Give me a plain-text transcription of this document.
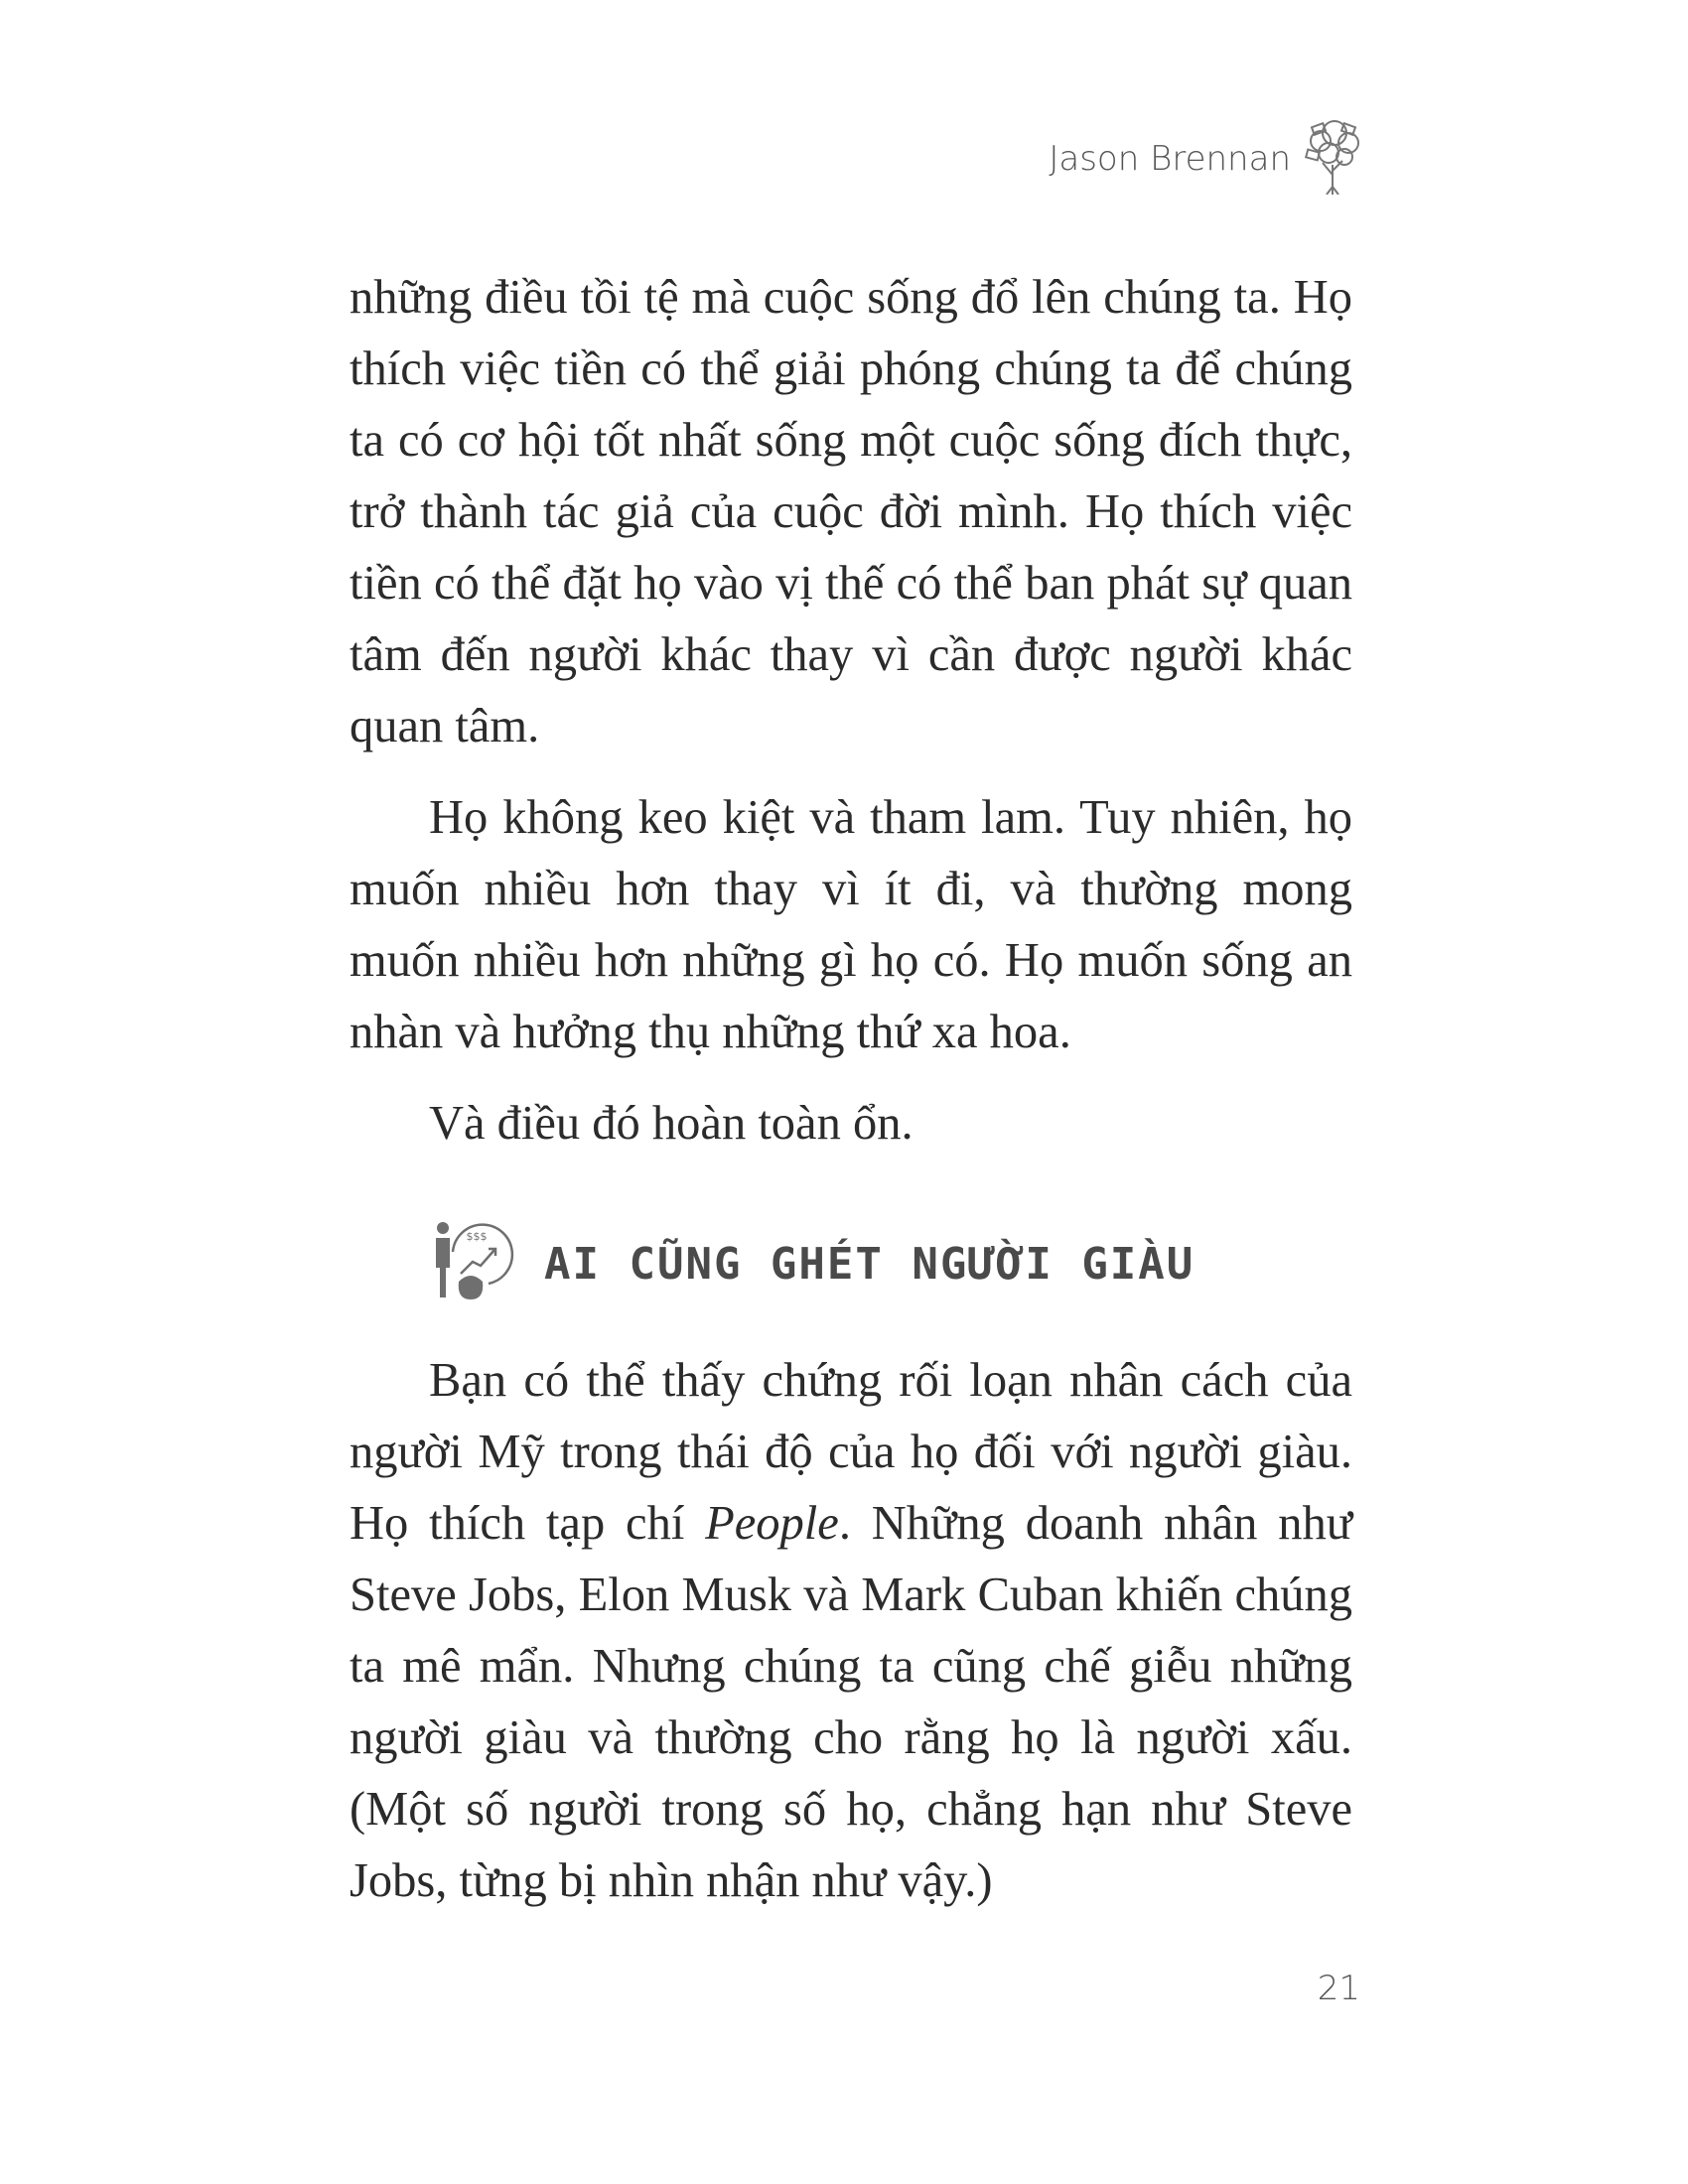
Jason Brennan

những điều tồi tệ mà cuộc sống đổ lên chúng ta. Họ thích việc tiền có thể giải phóng chúng ta để chúng ta có cơ hội tốt nhất sống một cuộc sống đích thực, trở thành tác giả của cuộc đời mình. Họ thích việc tiền có thể đặt họ vào vị thế có thể ban phát sự quan tâm đến người khác thay vì cần được người khác quan tâm.

Họ không keo kiệt và tham lam. Tuy nhiên, họ muốn nhiều hơn thay vì ít đi, và thường mong muốn nhiều hơn những gì họ có. Họ muốn sống an nhàn và hưởng thụ những thứ xa hoa.

Và điều đó hoàn toàn ổn.

$$$
AI CŨNG GHÉT NGƯỜI GIÀU

Bạn có thể thấy chứng rối loạn nhân cách của người Mỹ trong thái độ của họ đối với người giàu. Họ thích tạp chí People. Những doanh nhân như Steve Jobs, Elon Musk và Mark Cuban khiến chúng ta mê mẩn. Nhưng chúng ta cũng chế giễu những người giàu và thường cho rằng họ là người xấu. (Một số người trong số họ, chẳng hạn như Steve Jobs, từng bị nhìn nhận như vậy.)

21
